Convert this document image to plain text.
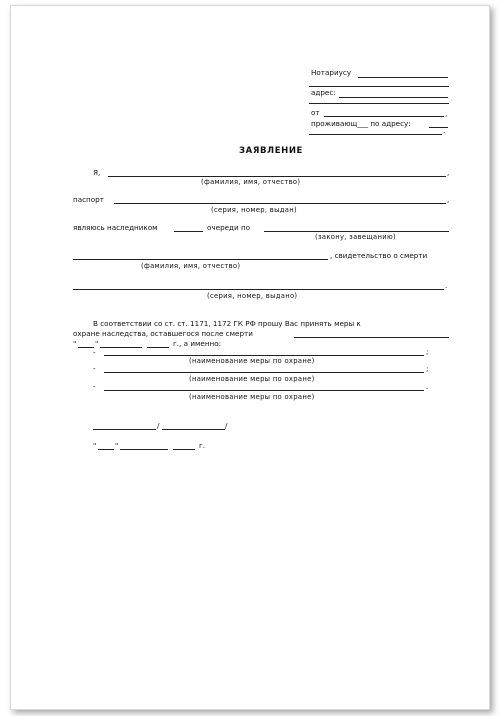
Нотариусу
адрес:
от	,
проживающ___ по адресу:
.
ЗАЯВЛЕНИЕ
Я,	,
(фамилия, имя, отчество)
паспорт	,
(серия, номер, выдан)
являюсь наследником	очереди по
(закону, завещанию)
, свидетельство о смерти
(фамилия, имя, отчество)
.
(серия, номер, выдано)
В соответствии со ст. ст. 1171, 1172 ГК РФ прошу Вас принять меры к
охране наследства, оставшегося после смерти
"	"	г., а именно:
-	;
(наименование меры по охране)
-	;
(наименование меры по охране)
-	.
(наименование меры по охране)
/	/
"	"	г.
